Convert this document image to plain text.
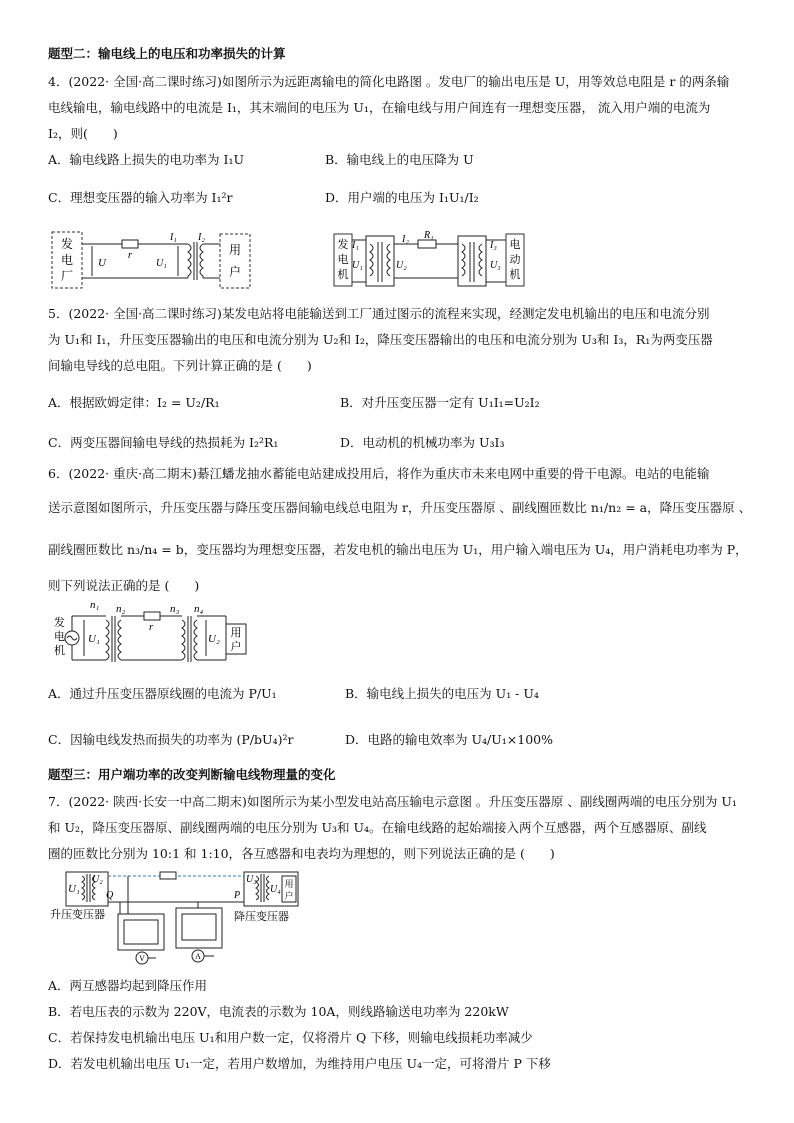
题型二：输电线上的电压和功率损失的计算
4．(2022· 全国·高二课时练习)如图所示为远距离输电的简化电路图 。发电厂的输出电压是 U，用等效总电阻是 r 的两条输
电线输电，输电线路中的电流是 I₁，其末端间的电压为 U₁，在输电线与用户间连有一理想变压器， 流入用户端的电流为
I₂，则(　　)
A．输电线路上损失的电功率为 I₁U	B．输电线上的电压降为 U
C．理想变压器的输入功率为 I₁²r	D．用户端的电压为 I₁U₁/I₂
发
电
厂
r
U	U₁
I₁ I₂
用
户
发
电
机
I₁
U₁	U₂
I₂ R₁
I₃
U₃
电
动
机
5．(2022· 全国·高二课时练习)某发电站将电能输送到工厂通过图示的流程来实现，经测定发电机输出的电压和电流分别
为 U₁和 I₁，升压变压器输出的电压和电流分别为 U₂和 I₂，降压变压器输出的电压和电流分别为 U₃和 I₃，R₁为两变压器
间输电导线的总电阻。下列计算正确的是 (　　)
A．根据欧姆定律：I₂ = U₂/R₁	B．对升压变压器一定有 U₁I₁=U₂I₂
C．两变压器间输电导线的热损耗为 I₂²R₁	D．电动机的机械功率为 U₃I₃
6．(2022· 重庆·高二期末)綦江蟠龙抽水蓄能电站建成投用后，将作为重庆市未来电网中重要的骨干电源。电站的电能输
送示意图如图所示，升压变压器与降压变压器间输电线总电阻为 r，升压变压器原 、副线圈匝数比 n₁/n₂ = a，降压变压器原 、
副线圈匝数比 n₃/n₄ = b，变压器均为理想变压器，若发电机的输出电压为 U₁，用户输入端电压为 U₄，用户消耗电功率为 P，
则下列说法正确的是 (　　)
发
电
机
n₁
U₁
n₂
r
n₃ n₄
U₂ 用
户
A．通过升压变压器原线圈的电流为 P/U₁	B．输电线上损失的电压为 U₁ - U₄
C．因输电线发热而损失的功率为 (P/bU₄)²r	D．电路的输电效率为 U₄/U₁×100%
题型三：用户端功率的改变判断输电线物理量的变化
7．(2022· 陕西·长安一中高二期末)如图所示为某小型发电站高压输电示意图 。升压变压器原 、副线圈两端的电压分别为 U₁
和 U₂，降压变压器原、副线圈两端的电压分别为 U₃和 U₄。在输电线路的起始端接入两个互感器，两个互感器原、副线
圈的匝数比分别为 10:1 和 1:10，各互感器和电表均为理想的，则下列说法正确的是 (　　)
U₁
U₂
Q
升压变压器
V	A
P
U₃
U₄ 用
户
降压变压器
A．两互感器均起到降压作用
B．若电压表的示数为 220V，电流表的示数为 10A，则线路输送电功率为 220kW
C．若保持发电机输出电压 U₁和用户数一定，仅将滑片 Q 下移，则输电线损耗功率减少
D．若发电机输出电压 U₁一定，若用户数增加，为维持用户电压 U₄一定，可将滑片 P 下移
